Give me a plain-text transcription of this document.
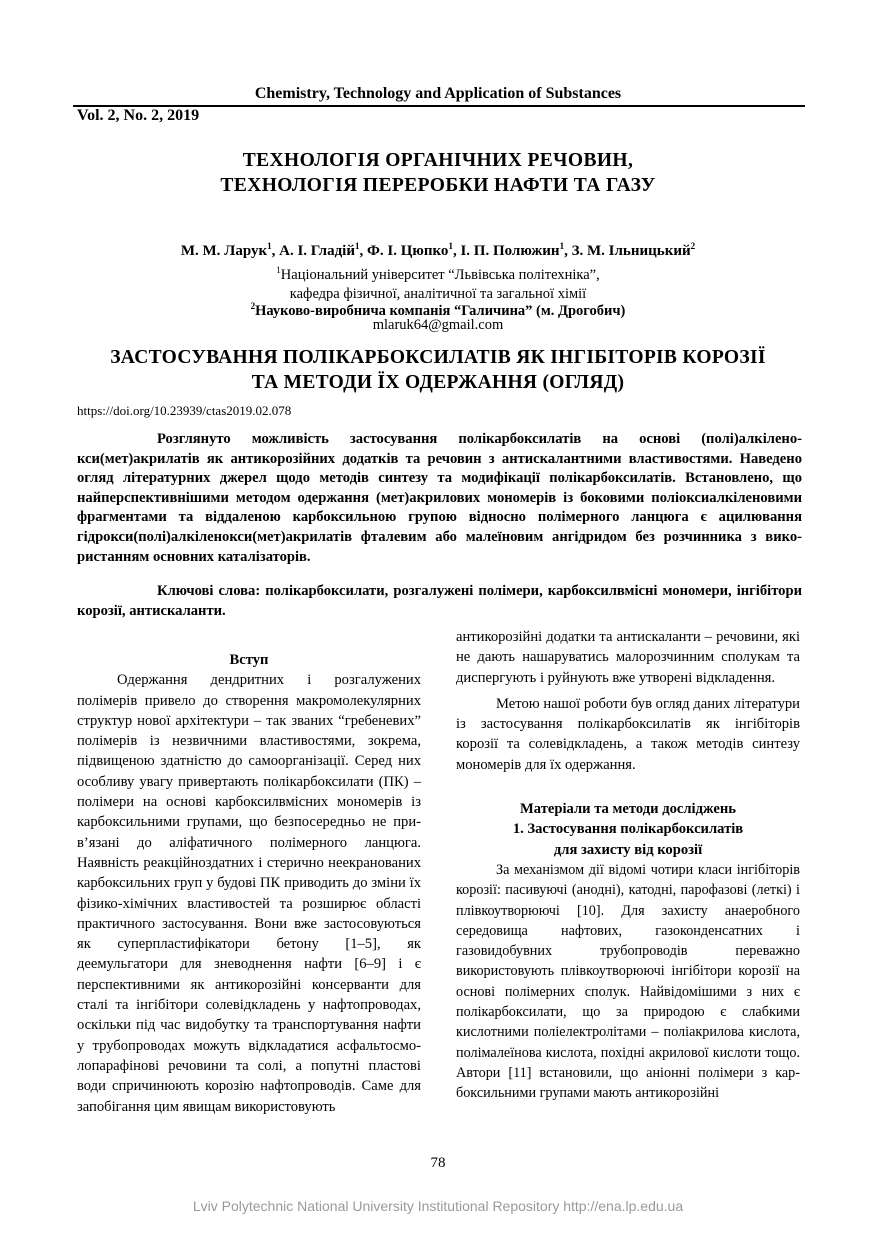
Chemistry, Technology and Application of Substances
Vol. 2, No. 2, 2019
ТЕХНОЛОГІЯ ОРГАНІЧНИХ РЕЧОВИН,
ТЕХНОЛОГІЯ ПЕРЕРОБКИ НАФТИ ТА ГАЗУ
М. М. Ларук$^1$, А. І. Гладій$^1$, Ф. І. Цюпко$^1$, І. П. Полюжин$^1$, З. М. Ільницький$^2$
$^1$Національний університет “Львівська політехніка”,
кафедра фізичної, аналітичної та загальної хімії
$^2$Науково-виробнича компанія “Галичина” (м. Дрогобич)
mlaruk64@gmail.com
ЗАСТОСУВАННЯ ПОЛІКАРБОКСИЛАТІВ ЯК ІНГІБІТОРІВ КОРОЗІЇ
ТА МЕТОДИ ЇХ ОДЕРЖАННЯ (ОГЛЯД)
https://doi.org/10.23939/ctas2019.02.078
Розглянуто можливість застосування полікарбоксилатів на основі (полі)алкіленокси(мет)акрилатів як антикорозійних додатків та речовин з антискалантними властивостями. Наведено огляд літературних джерел щодо методів синтезу та модифікації полікарбоксилатів. Встановлено, що найперспективнішими методом одержання (мет)акрилових мономерів із боковими поліоксиалкіленовими фрагментами та віддаленою карбоксильною групою відносно полімерного ланцюга є ацилювання гідрокси(полі)алкіленокси(мет)акрилатів фталевим або малеїновим ангідридом без розчинника з використанням основних каталізаторів.
Ключові слова: полікарбоксилати, розгалужені полімери, карбоксилвмісні мономери, інгібітори корозії, антискаланти.

Вступ

Одержання дендритних і розгалужених полімерів привело до створення макромолекулярних структур нової архітектури – так званих “гребеневих” полімерів із незвичними властивостями, зокрема, підвищеною здатністю до самоорганізації. Серед них особливу увагу привертають полікарбоксилати (ПК) – полімери на основі карбоксилвмісних мономерів із карбоксильними групами, що безпосередньо не прив’язані до аліфатичного полімерного ланцюга. Наявність реакційноздатних і стерично неекранованих карбоксильних груп у будові ПК приводить до зміни їх фізико-хімічних властивостей та розширює області практичного застосування. Вони вже застосовуються як суперпластифікатори бетону [1–5], як деемульгатори для зневоднення нафти [6–9] і є перспективними як антикорозійні консерванти для сталі та інгібітори солевідкладень у нафтопроводах, оскільки під час видобутку та транспортування нафти у трубопроводах можуть відкладатися асфальтосмолопарафінові речовини та солі, а попутні пластові води спричинюють корозію нафтопроводів. Саме для запобігання цим явищам використовують

антикорозійні додатки та антискаланти – речовини, які не дають нашаруватись малорозчинним сполукам та диспергують і руйнують вже утворені відкладення.

Метою нашої роботи був огляд даних літератури із застосування полікарбоксилатів як інгібіторів корозії та солевідкладень, а також методів синтезу мономерів для їх одержання.

Матеріали та методи досліджень

1. Застосування полікарбоксилатів

для захисту від корозії

За механізмом дії відомі чотири класи інгібіторів корозії: пасивуючі (анодні), катодні, парофазові (леткі) і плівкоутворюючі [10]. Для захисту анаеробного середовища нафтових, газоконденсатних і газовидобувних трубопроводів переважно використовують плівкоутворюючі інгібітори корозії на основі полімерних сполук. Найвідомішими з них є полікарбоксилати, що за природою є слабкими кислотними поліелектролітами – поліакрилова кислота, полімалеїнова кислота, похідні акрилової кислоти тощо. Автори [11] встановили, що аніонні полімери з карбоксильними групами мають антикорозійні

78
Lviv Polytechnic National University Institutional Repository http://ena.lp.edu.ua
